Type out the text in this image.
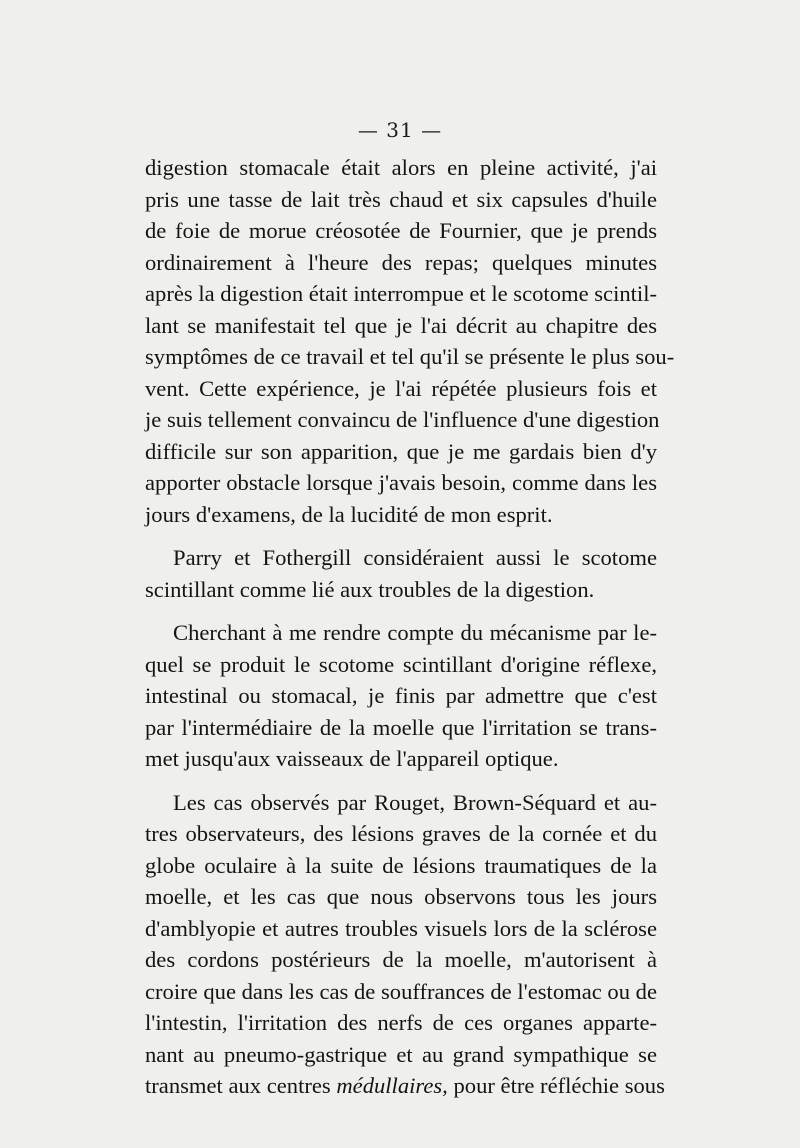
— 31 —
digestion stomacale était alors en pleine activité, j'ai
pris une tasse de lait très chaud et six capsules d'huile
de foie de morue créosotée de Fournier, que je prends
ordinairement à l'heure des repas; quelques minutes
après la digestion était interrompue et le scotome scintil-
lant se manifestait tel que je l'ai décrit au chapitre des
symptômes de ce travail et tel qu'il se présente le plus sou-
vent. Cette expérience, je l'ai répétée plusieurs fois et
je suis tellement convaincu de l'influence d'une digestion
difficile sur son apparition, que je me gardais bien d'y
apporter obstacle lorsque j'avais besoin, comme dans les
jours d'examens, de la lucidité de mon esprit.
Parry et Fothergill considéraient aussi le scotome
scintillant comme lié aux troubles de la digestion.
Cherchant à me rendre compte du mécanisme par le-
quel se produit le scotome scintillant d'origine réflexe,
intestinal ou stomacal, je finis par admettre que c'est
par l'intermédiaire de la moelle que l'irritation se trans-
met jusqu'aux vaisseaux de l'appareil optique.
Les cas observés par Rouget, Brown-Séquard et au-
tres observateurs, des lésions graves de la cornée et du
globe oculaire à la suite de lésions traumatiques de la
moelle, et les cas que nous observons tous les jours
d'amblyopie et autres troubles visuels lors de la sclérose
des cordons postérieurs de la moelle, m'autorisent à
croire que dans les cas de souffrances de l'estomac ou de
l'intestin, l'irritation des nerfs de ces organes apparte-
nant au pneumo-gastrique et au grand sympathique se
transmet aux centres médullaires, pour être réfléchie sous
